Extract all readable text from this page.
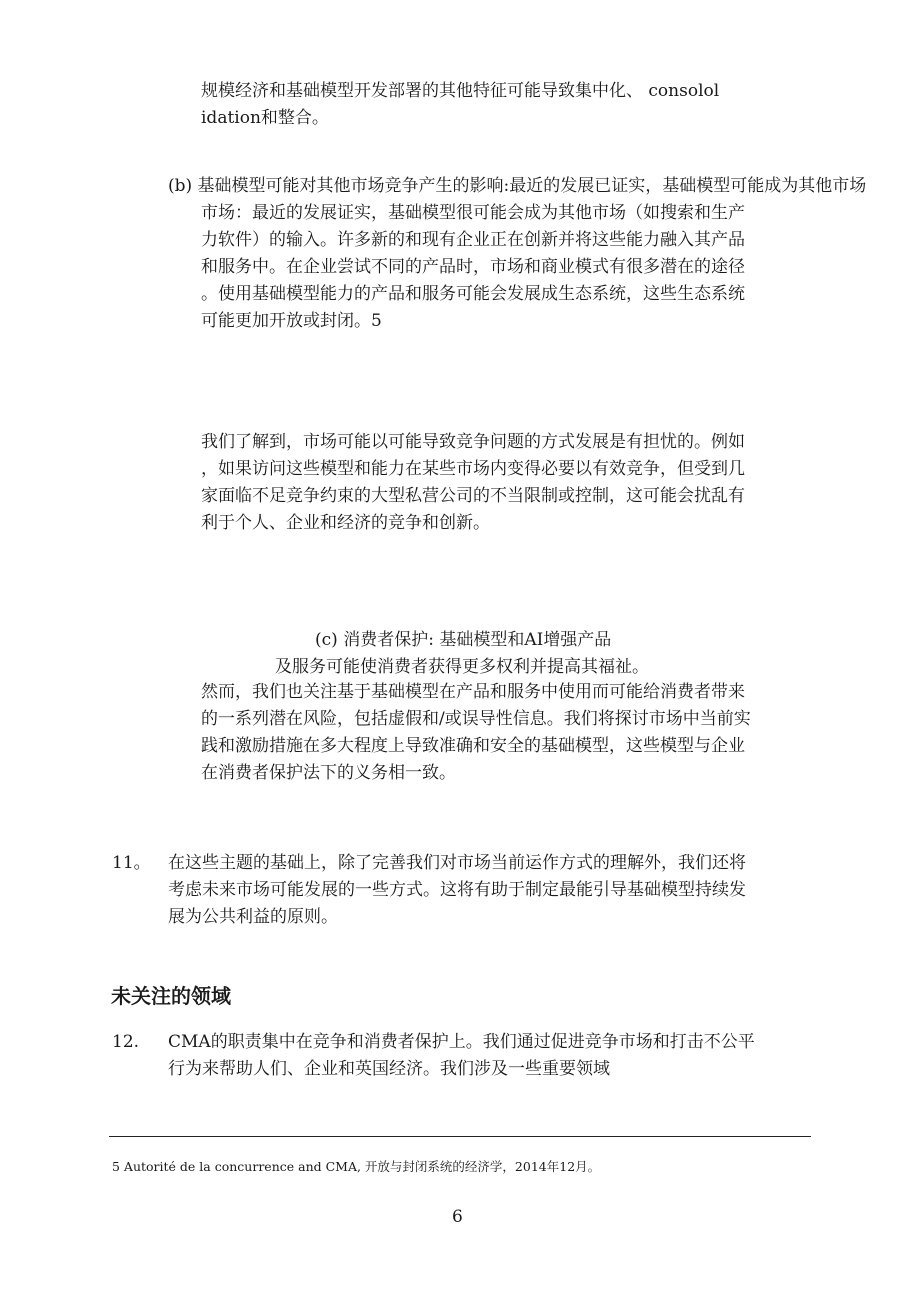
规模经济和基础模型开发部署的其他特征可能导致集中化、 consolol
idation和整合。
(b) 基础模型可能对其他市场竞争产生的影响:最近的发展已证实，基础模型可能成为其他市场
市场：最近的发展证实，基础模型很可能会成为其他市场（如搜索和生产
力软件）的输入。许多新的和现有企业正在创新并将这些能力融入其产品
和服务中。在企业尝试不同的产品时，市场和商业模式有很多潜在的途径
。使用基础模型能力的产品和服务可能会发展成生态系统，这些生态系统
可能更加开放或封闭。5
我们了解到，市场可能以可能导致竞争问题的方式发展是有担忧的。例如
，如果访问这些模型和能力在某些市场内变得必要以有效竞争，但受到几
家面临不足竞争约束的大型私营公司的不当限制或控制，这可能会扰乱有
利于个人、企业和经济的竞争和创新。
(c) 消费者保护: 基础模型和AI增强产品
及服务可能使消费者获得更多权利并提高其福祉。
然而，我们也关注基于基础模型在产品和服务中使用而可能给消费者带来
的一系列潜在风险，包括虚假和/或误导性信息。我们将探讨市场中当前实
践和激励措施在多大程度上导致准确和安全的基础模型，这些模型与企业
在消费者保护法下的义务相一致。
11。 在这些主题的基础上，除了完善我们对市场当前运作方式的理解外，我们还将
考虑未来市场可能发展的一些方式。这将有助于制定最能引导基础模型持续发
展为公共利益的原则。
未关注的领域
12. CMA的职责集中在竞争和消费者保护上。我们通过促进竞争市场和打击不公平
行为来帮助人们、企业和英国经济。我们涉及一些重要领域
5 Autorité de la concurrence and CMA, 开放与封闭系统的经济学，2014年12月。
6
